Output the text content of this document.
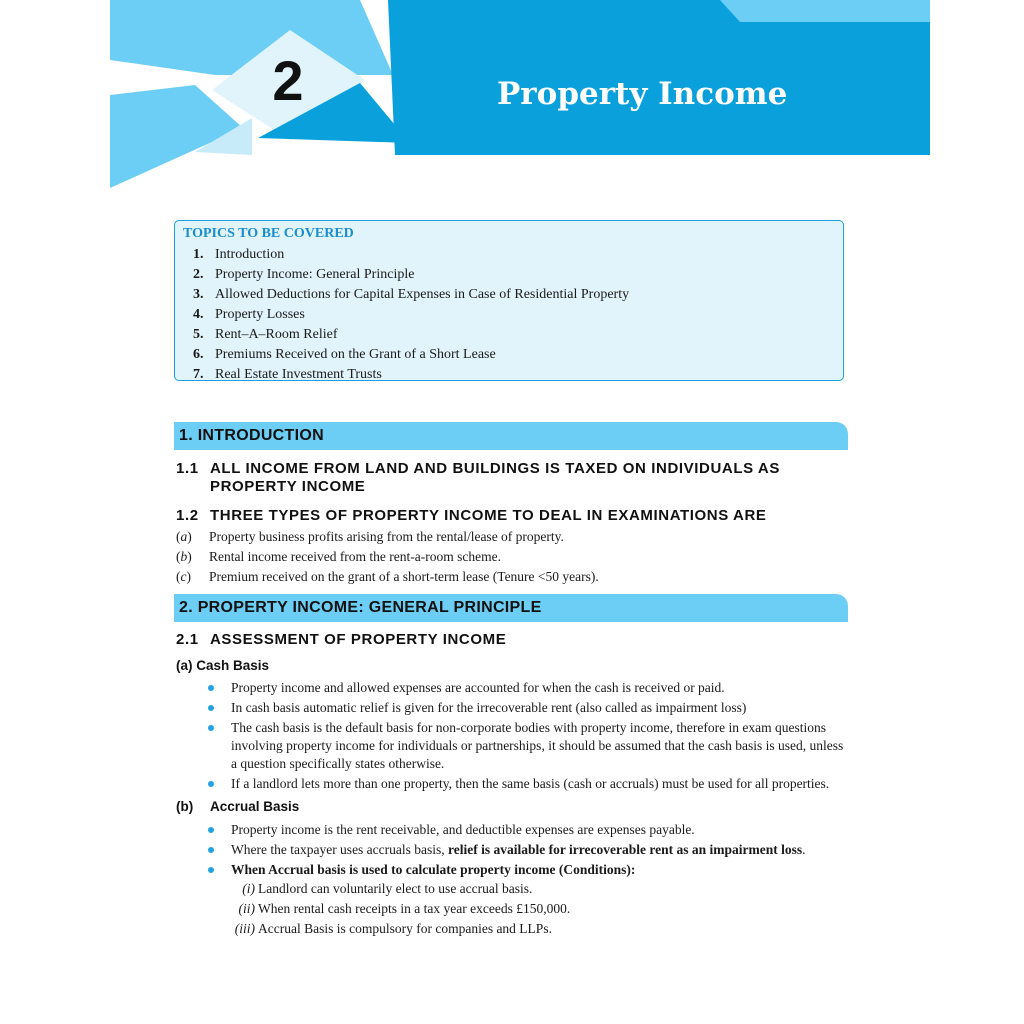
2	Property Income
TOPICS TO BE COVERED
1. Introduction
2. Property Income: General Principle
3. Allowed Deductions for Capital Expenses in Case of Residential Property
4. Property Losses
5. Rent–A–Room Relief
6. Premiums Received on the Grant of a Short Lease
7. Real Estate Investment Trusts
1. INTRODUCTION
1.1 ALL INCOME FROM LAND AND BUILDINGS IS TAXED ON INDIVIDUALS AS
PROPERTY INCOME
1.2 THREE TYPES OF PROPERTY INCOME TO DEAL IN EXAMINATIONS ARE
(a) Property business profits arising from the rental/lease of property.
(b) Rental income received from the rent-a-room scheme.
(c) Premium received on the grant of a short-term lease (Tenure <50 years).
2. PROPERTY INCOME: GENERAL PRINCIPLE
2.1 ASSESSMENT OF PROPERTY INCOME
(a) Cash Basis
Property income and allowed expenses are accounted for when the cash is received or paid.
In cash basis automatic relief is given for the irrecoverable rent (also called as impairment loss)
The cash basis is the default basis for non-corporate bodies with property income, therefore in exam questions involving property income for individuals or partnerships, it should be assumed that the cash basis is used, unless a question specifically states otherwise.
If a landlord lets more than one property, then the same basis (cash or accruals) must be used for all properties.
(b) Accrual Basis
Property income is the rent receivable, and deductible expenses are expenses payable.
Where the taxpayer uses accruals basis, relief is available for irrecoverable rent as an impairment loss.
When Accrual basis is used to calculate property income (Conditions):
(i) Landlord can voluntarily elect to use accrual basis.
(ii) When rental cash receipts in a tax year exceeds £150,000.
(iii) Accrual Basis is compulsory for companies and LLPs.
